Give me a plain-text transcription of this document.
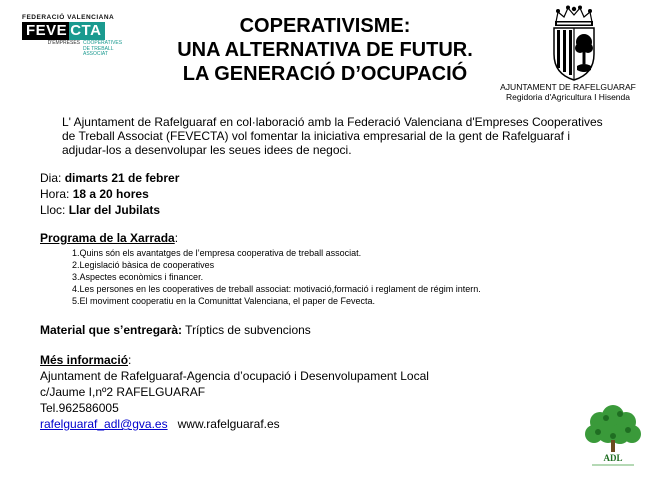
FEDERACIÓ VALENCIANA
FEVE CTA
D'EMPRESES COOPERATIVES
DE TREBALL
ASSOCIAT
COPERATIVISME:
UNA ALTERNATIVA DE FUTUR.
LA GENERACIÓ D’OCUPACIÓ
AJUNTAMENT DE RAFELGUARAF
Regidoria d'Agricultura I Hisenda
L' Ajuntament de Rafelguaraf en col·laboració amb la Federació Valenciana d'Empreses Cooperatives de Treball Associat (FEVECTA) vol fomentar la iniciativa empresarial de la gent de Rafelguaraf i adjudar-los a desenvolupar les seues idees de negoci.
Dia: dimarts 21 de febrer
Hora: 18 a 20 hores
Lloc: Llar del Jubilats
Programa de la Xarrada:
1.Quins són els avantatges de l’empresa cooperativa de treball associat.
2.Legislació bàsica de cooperatives
3.Aspectes econòmics i financer.
4.Les persones en les cooperatives de treball associat: motivació,formació i reglament de régim intern.
5.El moviment cooperatiu en la Comunittat Valenciana, el paper de Fevecta.
Material que s’entregarà: Tríptics de subvencions
Més informació:
Ajuntament de Rafelguaraf-Agencia d’ocupació i Desenvolupament Local
c/Jaume I,nº2 RAFELGUARAF
Tel.962586005
rafelguaraf_adl@gva.es www.rafelguaraf.es
ADL
